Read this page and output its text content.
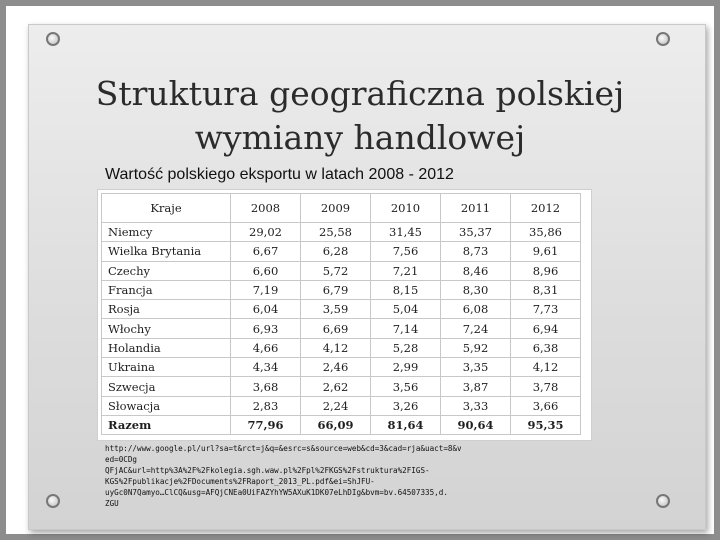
Struktura geograficzna polskiej
wymiany handlowej
Wartość polskiego eksportu w latach 2008 - 2012
Kraje	2008	2009	2010	2011	2012
Niemcy	29,02	25,58	31,45	35,37	35,86
Wielka Brytania	6,67	6,28	7,56	8,73	9,61
Czechy	6,60	5,72	7,21	8,46	8,96
Francja	7,19	6,79	8,15	8,30	8,31
Rosja	6,04	3,59	5,04	6,08	7,73
Włochy	6,93	6,69	7,14	7,24	6,94
Holandia	4,66	4,12	5,28	5,92	6,38
Ukraina	4,34	2,46	2,99	3,35	4,12
Szwecja	3,68	2,62	3,56	3,87	3,78
Słowacja	2,83	2,24	3,26	3,33	3,66
Razem	77,96	66,09	81,64	90,64	95,35
http://www.google.pl/url?sa=t&rct=j&q=&esrc=s&source=web&cd=3&cad=rja&uact=8&ved=0CDg
QFjAC&url=http%3A%2F%2Fkolegia.sgh.waw.pl%2Fpl%2FKGS%2Fstruktura%2FIGS-
KGS%2Fpublikacje%2FDocuments%2FRaport_2013_PL.pdf&ei=ShJFU-
uyGc0N7Qamyo…ClCQ&usg=AFQjCNEa0UiFAZYhYW5AXuK1DK07eLhDIg&bvm=bv.64507335,d.
ZGU
